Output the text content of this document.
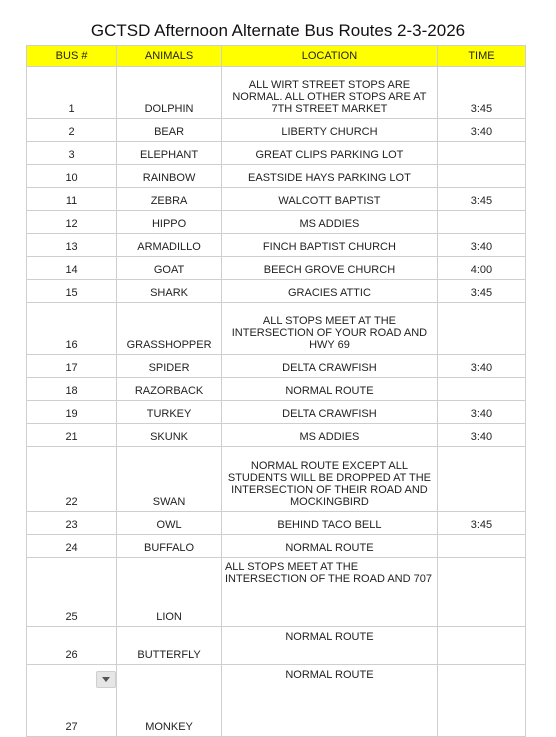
GCTSD Afternoon Alternate Bus Routes 2-3-2026
BUS #	ANIMALS	LOCATION	TIME
1	DOLPHIN	ALL WIRT STREET STOPS ARE NORMAL. ALL OTHER STOPS ARE AT 7TH STREET MARKET	3:45
2	BEAR	LIBERTY CHURCH	3:40
3	ELEPHANT	GREAT CLIPS PARKING LOT	
10	RAINBOW	EASTSIDE HAYS PARKING LOT	
11	ZEBRA	WALCOTT BAPTIST	3:45
12	HIPPO	MS ADDIES	
13	ARMADILLO	FINCH BAPTIST CHURCH	3:40
14	GOAT	BEECH GROVE CHURCH	4:00
15	SHARK	GRACIES ATTIC	3:45
16	GRASSHOPPER	ALL STOPS MEET AT THE INTERSECTION OF YOUR ROAD AND HWY 69	
17	SPIDER	DELTA CRAWFISH	3:40
18	RAZORBACK	NORMAL ROUTE	
19	TURKEY	DELTA CRAWFISH	3:40
21	SKUNK	MS ADDIES	3:40
22	SWAN	NORMAL ROUTE EXCEPT ALL STUDENTS WILL BE DROPPED AT THE INTERSECTION OF THEIR ROAD AND MOCKINGBIRD	
23	OWL	BEHIND TACO BELL	3:45
24	BUFFALO	NORMAL ROUTE	
25	LION	ALL STOPS MEET AT THE INTERSECTION OF THE ROAD AND 707	
26	BUTTERFLY	NORMAL ROUTE	
27	MONKEY	NORMAL ROUTE	
